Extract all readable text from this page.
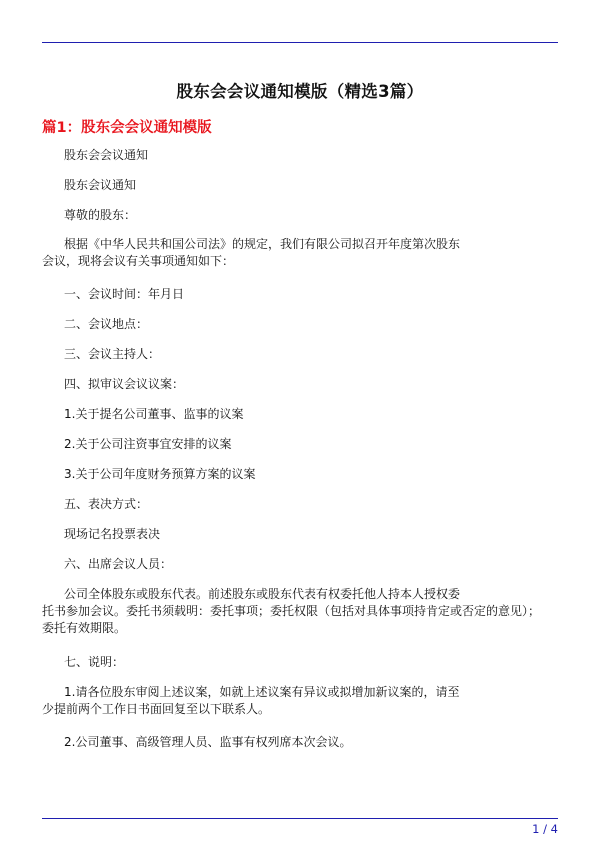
股东会会议通知模版（精选3篇）
篇1：股东会会议通知模版
股东会会议通知
股东会议通知
尊敬的股东：
根据《中华人民共和国公司法》的规定，我们有限公司拟召开年度第次股东
会议，现将会议有关事项通知如下：
一、会议时间：年月日
二、会议地点：
三、会议主持人：
四、拟审议会议议案：
1.关于提名公司董事、监事的议案
2.关于公司注资事宜安排的议案
3.关于公司年度财务预算方案的议案
五、表决方式：
现场记名投票表决
六、出席会议人员：
公司全体股东或股东代表。前述股东或股东代表有权委托他人持本人授权委
托书参加会议。委托书须载明：委托事项；委托权限（包括对具体事项持肯定或否定的意见）；
委托有效期限。
七、说明：
1.请各位股东审阅上述议案，如就上述议案有异议或拟增加新议案的，请至
少提前两个工作日书面回复至以下联系人。
2.公司董事、高级管理人员、监事有权列席本次会议。
1 / 4
